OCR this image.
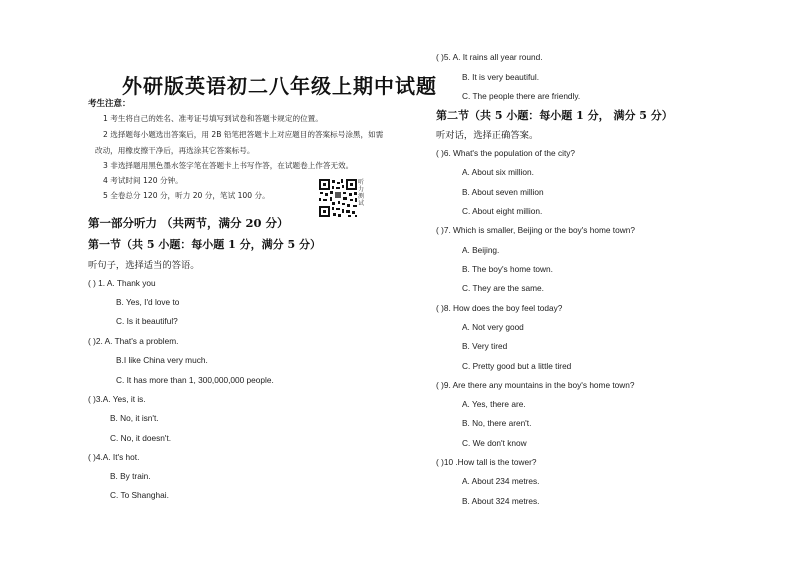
外研版英语初二八年级上期中试题
考生注意：
1 考生将自己的姓名、准考证号填写到试卷和答题卡规定的位置。
2 选择题每小题选出答案后，用 2B 铅笔把答题卡上对应题目的答案标号涂黑，如需
改动，用橡皮擦干净后，再选涂其它答案标号。
3 非选择题用黑色墨水签字笔在答题卡上书写作答，在试题卷上作答无效。
4 考试时间 120 分钟。
5 全卷总分 120 分，听力 20 分，笔试 100 分。
听力测试
第一部分听力 （共两节，满分 20 分）
第一节（共 5 小题：每小题 1 分，满分 5 分）
听句子，选择适当的答语。
( ) 1. A. Thank you
B. Yes, I'd love to
C. Is it beautiful?
( )2. A. That's a problem.
B.I like China very much.
C. It has more than 1, 300,000,000 people.
( )3.A. Yes, it is.
B. No, it isn't.
C. No, it doesn't.
( )4.A. It's hot.
B. By train.
C. To Shanghai.
( )5. A. It rains all year round.
B. It is very beautiful.
C. The people there are friendly.
第二节（共 5 小题：每小题 1 分， 满分 5 分）
听对话，选择正确答案。
( )6. What's the population of the city?
A. About six million.
B. About seven million
C. About eight million.
( )7. Which is smaller, Beijing or the boy's home town?
A. Beijing.
B. The boy's home town.
C. They are the same.
( )8. How does the boy feel today?
A. Not very good
B. Very tired
C. Pretty good but a little tired
( )9. Are there any mountains in the boy's home town?
A. Yes, there are.
B. No, there aren't.
C. We don't know
( )10 .How tall is the tower?
A. About 234 metres.
B. About 324 metres.
